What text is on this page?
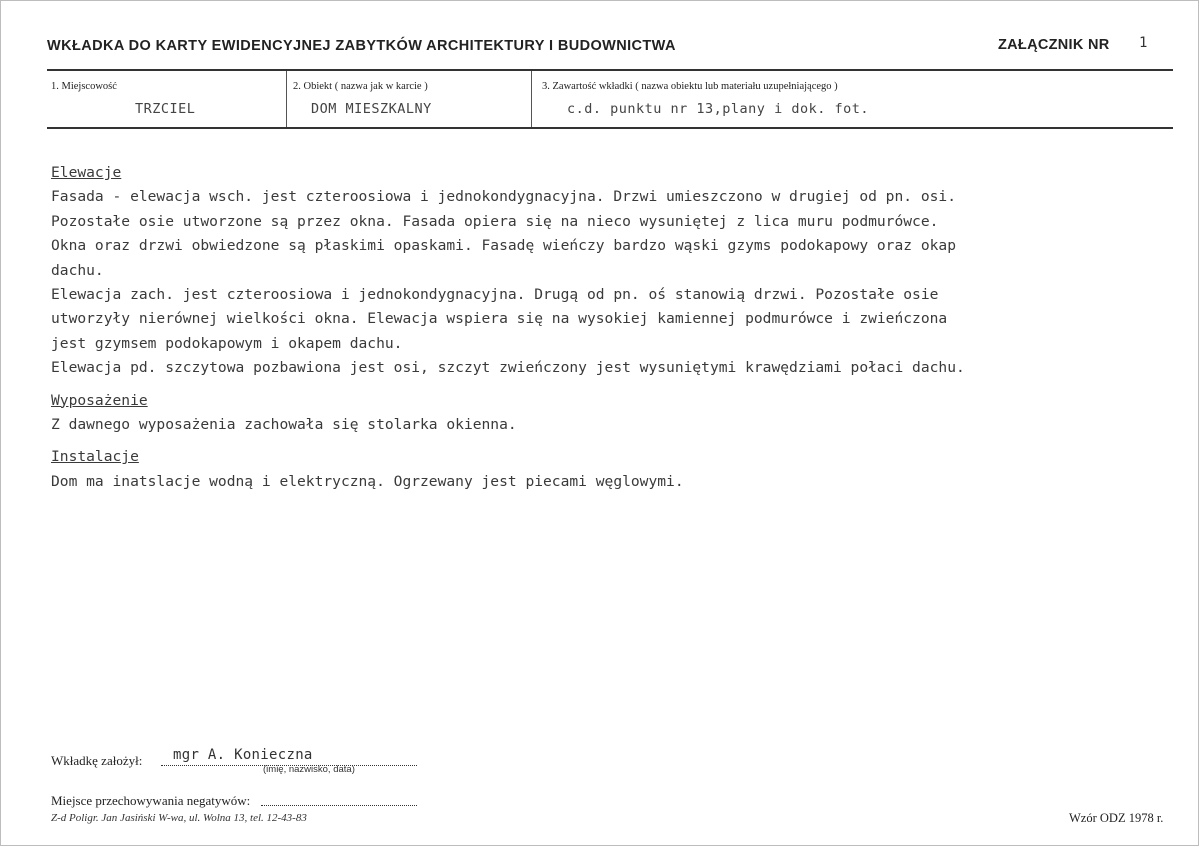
WKŁADKA DO KARTY EWIDENCYJNEJ ZABYTKÓW ARCHITEKTURY I BUDOWNICTWA	ZAŁĄCZNIK NR 1
1. Miejscowość
TRZCIEL
2. Obiekt ( nazwa jak w karcie )
DOM MIESZKALNY
3. Zawartość wkładki ( nazwa obiektu lub materiału uzupełniającego )
c.d. punktu nr 13,plany i dok. fot.
Elewacje
Fasada - elewacja wsch. jest czteroosiowa i jednokondygnacyjna. Drzwi umieszczono w drugiej od pn. osi.
Pozostałe osie utworzone są przez okna. Fasada opiera się na nieco wysuniętej z lica muru podmurówce.
Okna oraz drzwi obwiedzone są płaskimi opaskami. Fasadę wieńczy bardzo wąski gzyms podokapowy oraz okap
dachu.
Elewacja zach. jest czteroosiowa i jednokondygnacyjna. Drugą od pn. oś stanowią drzwi. Pozostałe osie
utworzyły nierównej wielkości okna. Elewacja wspiera się na wysokiej kamiennej podmurówce i zwieńczona
jest gzymsem podokapowym i okapem dachu.
Elewacja pd. szczytowa pozbawiona jest osi, szczyt zwieńczony jest wysuniętymi krawędziami połaci dachu.
Wyposażenie
Z dawnego wyposażenia zachowała się stolarka okienna.
Instalacje
Dom ma inatslacje wodną i elektryczną. Ogrzewany jest piecami węglowymi.
Wkładkę założył: mgr A. Konieczna
(imię, nazwisko, data)
Miejsce przechowywania negatywów:
Z-d Poligr. Jan Jasiński W-wa, ul. Wolna 13, tel. 12-43-83	Wzór ODZ 1978 r.
